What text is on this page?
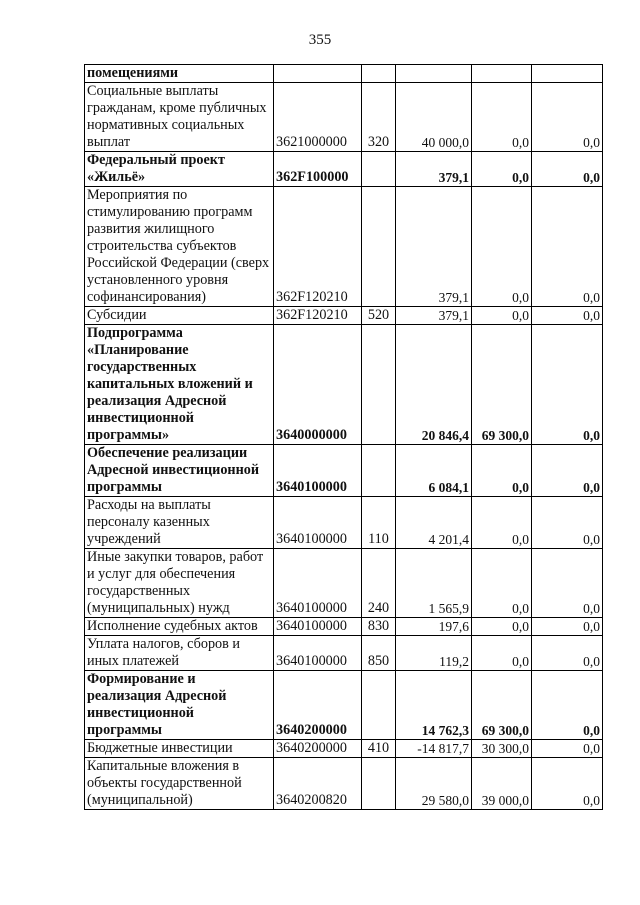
355
помещениями					
Социальные выплаты гражданам, кроме публичных нормативных социальных выплат	3621000000	320	40 000,0	0,0	0,0
Федеральный проект «Жильё»	362F100000		379,1	0,0	0,0
Мероприятия по стимулированию программ развития жилищного строительства субъектов Российской Федерации (сверх установленного уровня софинансирования)	362F120210		379,1	0,0	0,0
Субсидии	362F120210	520	379,1	0,0	0,0
Подпрограмма «Планирование государственных капитальных вложений и реализация Адресной инвестиционной программы»	3640000000		20 846,4	69 300,0	0,0
Обеспечение реализации Адресной инвестиционной программы	3640100000		6 084,1	0,0	0,0
Расходы на выплаты персоналу казенных учреждений	3640100000	110	4 201,4	0,0	0,0
Иные закупки товаров, работ и услуг для обеспечения государственных (муниципальных) нужд	3640100000	240	1 565,9	0,0	0,0
Исполнение судебных актов	3640100000	830	197,6	0,0	0,0
Уплата налогов, сборов и иных платежей	3640100000	850	119,2	0,0	0,0
Формирование и реализация Адресной инвестиционной программы	3640200000		14 762,3	69 300,0	0,0
Бюджетные инвестиции	3640200000	410	-14 817,7	30 300,0	0,0
Капитальные вложения в объекты государственной (муниципальной)	3640200820		29 580,0	39 000,0	0,0
